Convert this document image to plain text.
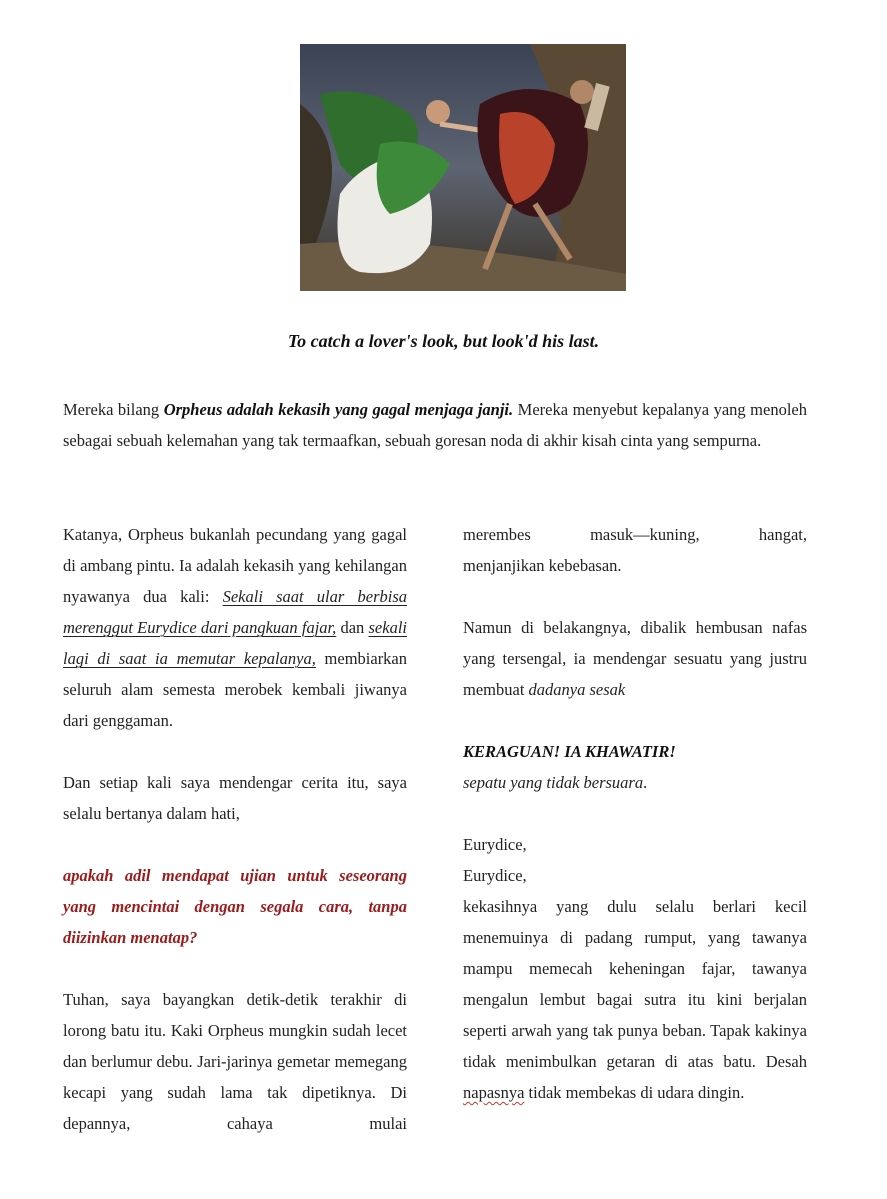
To catch a lover's look, but look'd his last.

Mereka bilang Orpheus adalah kekasih yang gagal menjaga janji. Mereka menyebut kepalanya yang menoleh sebagai sebuah kelemahan yang tak termaafkan, sebuah goresan noda di akhir kisah cinta yang sempurna.

Katanya, Orpheus bukanlah pecundang yang gagal di ambang pintu. Ia adalah kekasih yang kehilangan nyawanya dua kali: Sekali saat ular berbisa merenggut Eurydice dari pangkuan fajar, dan sekali lagi di saat ia memutar kepalanya, membiarkan seluruh alam semesta merobek kembali jiwanya dari genggaman.

Dan setiap kali saya mendengar cerita itu, saya selalu bertanya dalam hati,

apakah adil mendapat ujian untuk seseorang yang mencintai dengan segala cara, tanpa diizinkan menatap?

Tuhan, saya bayangkan detik-detik terakhir di lorong batu itu. Kaki Orpheus mungkin sudah lecet dan berlumur debu. Jari-jarinya gemetar memegang kecapi yang sudah lama tak dipetiknya. Di depannya, cahaya mulai

merembes masuk—kuning, hangat,

menjanjikan kebebasan.

Namun di belakangnya, dibalik hembusan nafas yang tersengal, ia mendengar sesuatu yang justru membuat dadanya sesak

KERAGUAN! IA KHAWATIR!

sepatu yang tidak bersuara.

Eurydice,

Eurydice,

kekasihnya yang dulu selalu berlari kecil menemuinya di padang rumput, yang tawanya mampu memecah keheningan fajar, tawanya mengalun lembut bagai sutra itu kini berjalan seperti arwah yang tak punya beban. Tapak kakinya tidak menimbulkan getaran di atas batu. Desah napasnya tidak membekas di udara dingin.
